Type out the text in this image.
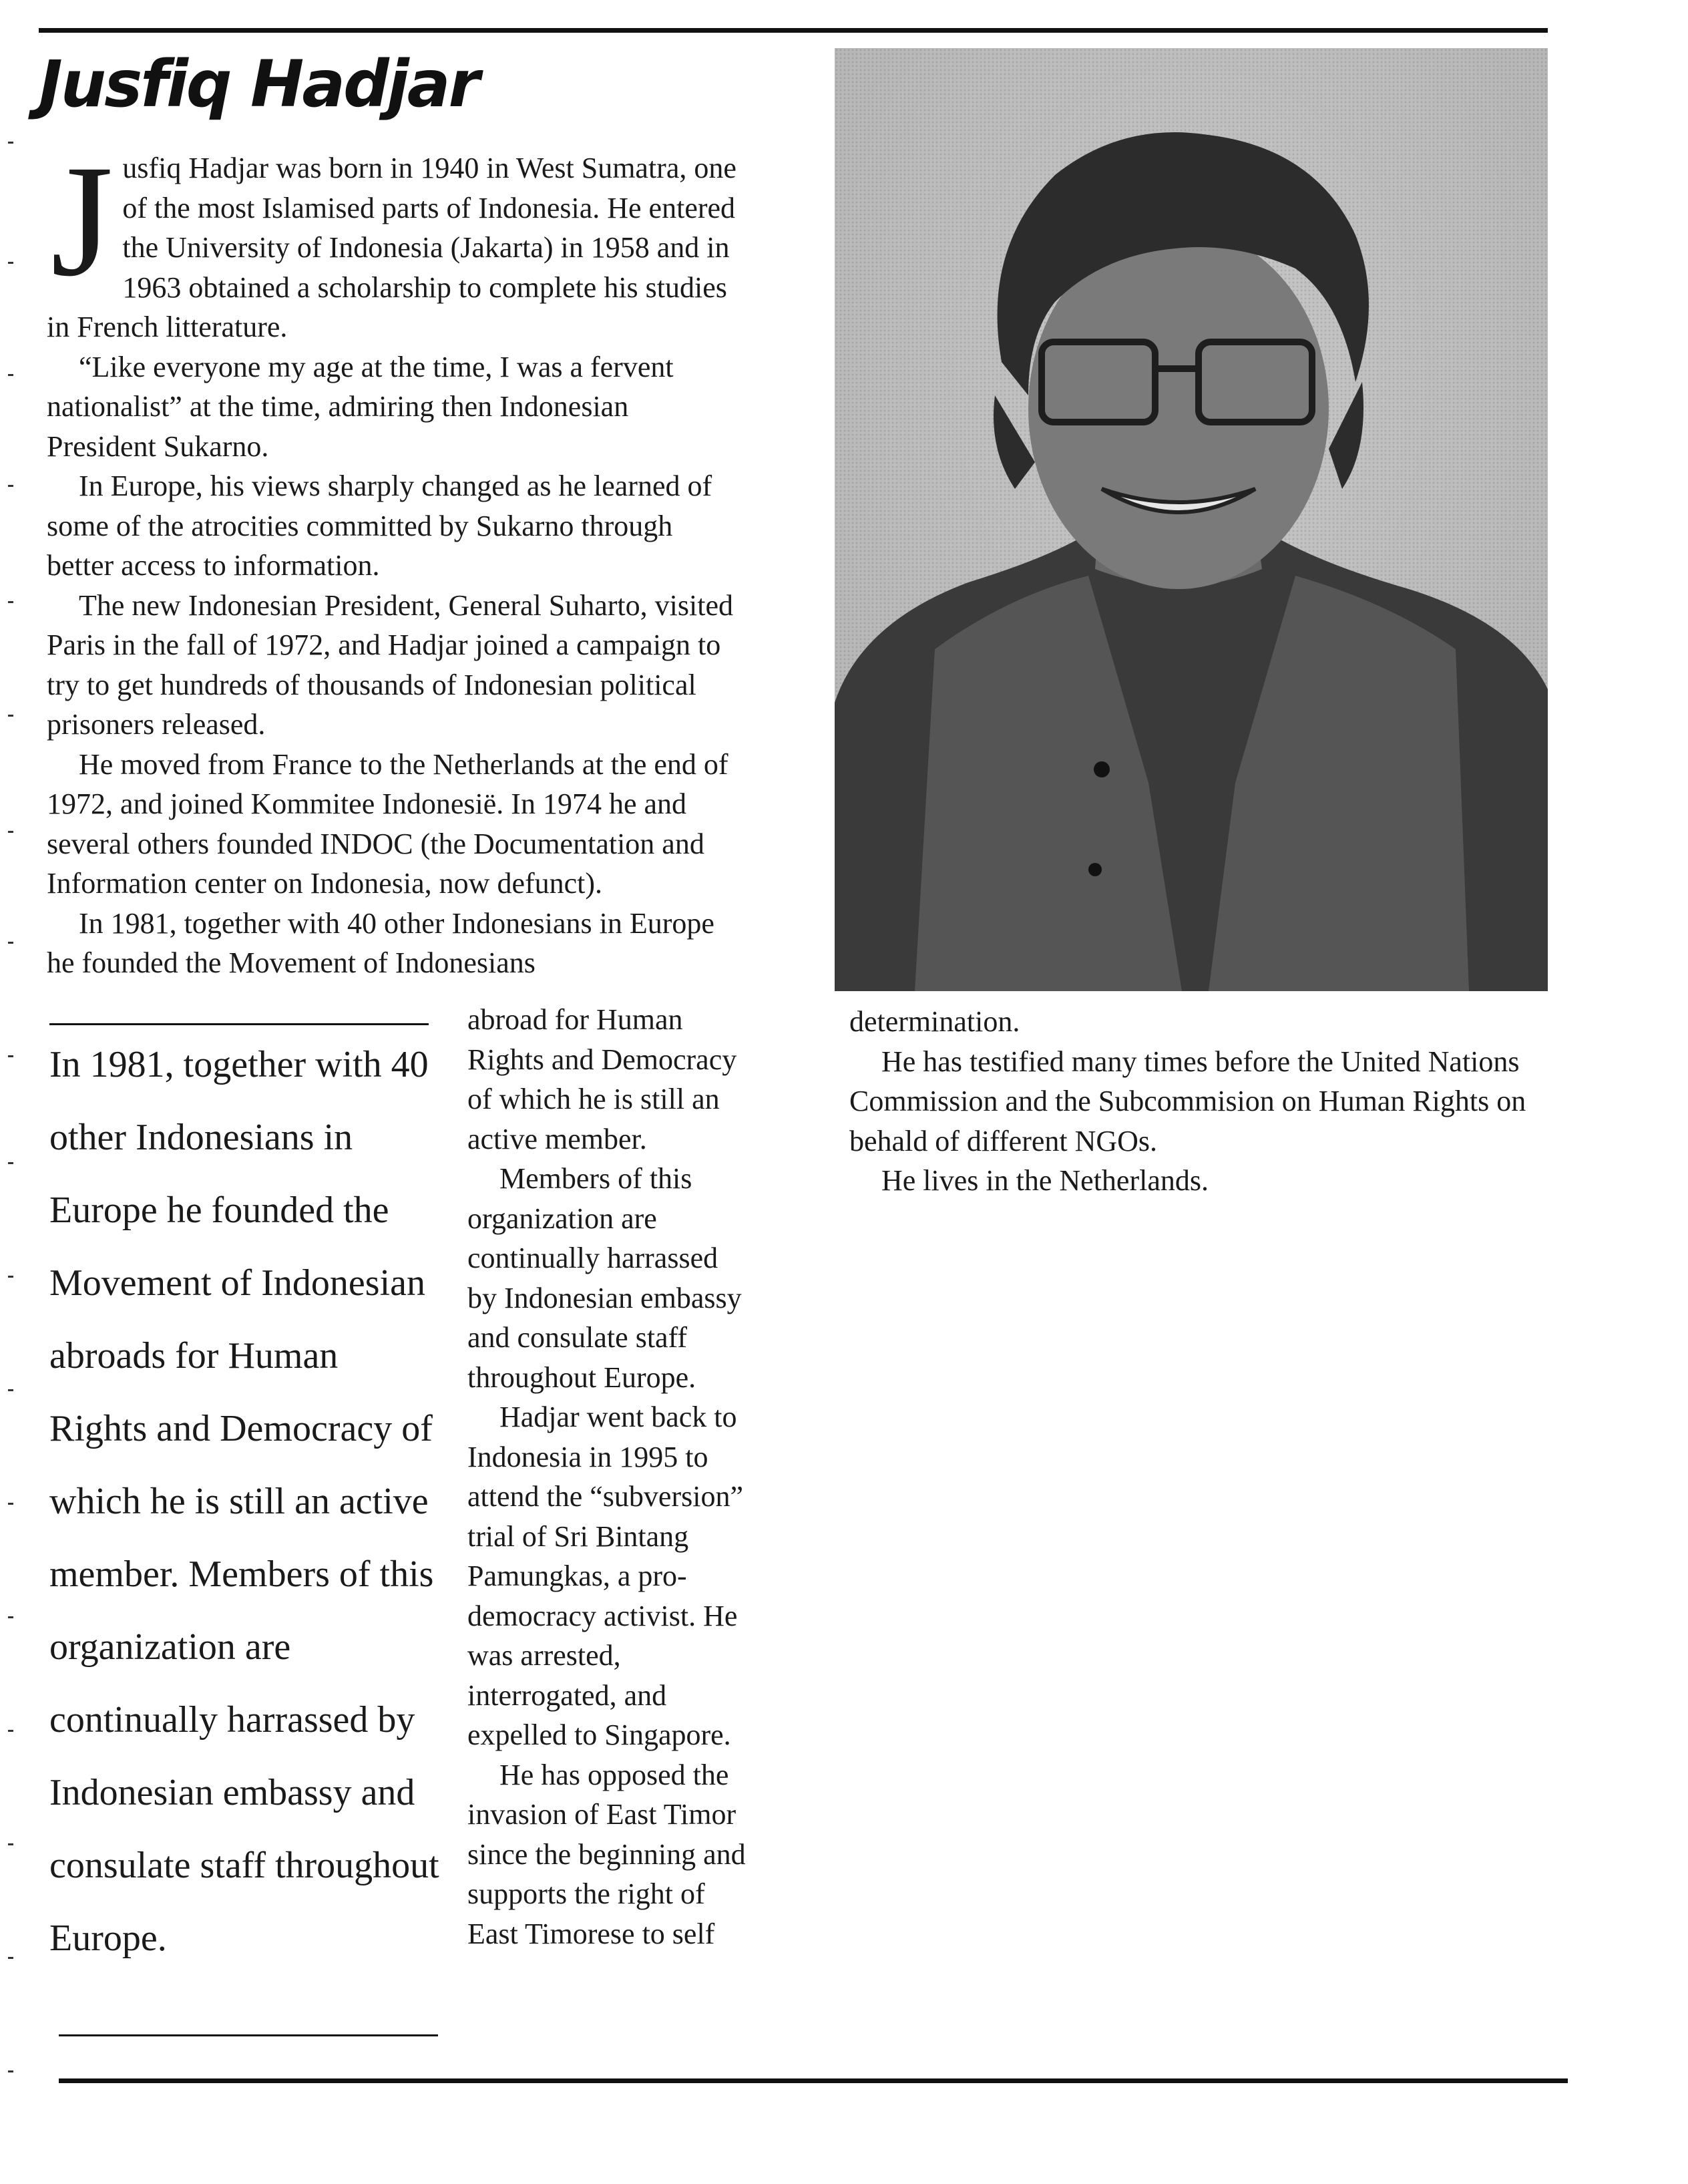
Jusfiq Hadjar

Jusfiq Hadjar was born in 1940 in West Sumatra, one of the most Islamised parts of Indonesia. He entered the University of Indonesia (Jakarta) in 1958 and in 1963 obtained a scholarship to complete his studies in French litterature.

“Like everyone my age at the time, I was a fervent nationalist” at the time, admiring then Indonesian President Sukarno.

In Europe, his views sharply changed as he learned of some of the atrocities committed by Sukarno through better access to information.

The new Indonesian President, General Suharto, visited Paris in the fall of 1972, and Hadjar joined a campaign to try to get hundreds of thousands of Indonesian political prisoners released.

He moved from France to the Netherlands at the end of 1972, and joined Kommitee Indonesië. In 1974 he and several others founded INDOC (the Documentation and Information center on Indonesia, now defunct).

In 1981, together with 40 other Indonesians in Europe he founded the Movement of Indonesians

In 1981, together with 40 other Indonesians in Europe he founded the Movement of Indonesian abroads for Human Rights and Democracy of which he is still an active member. Members of this organization are continually harrassed by Indonesian embassy and consulate staff throughout Europe.

abroad for Human Rights and Democracy of which he is still an active member.

Members of this organization are continually harrassed by Indonesian embassy and consulate staff throughout Europe.

Hadjar went back to Indonesia in 1995 to attend the “subversion” trial of Sri Bintang Pamungkas, a pro-democracy activist. He was arrested, interrogated, and expelled to Singapore.

He has opposed the invasion of East Timor since the beginning and supports the right of East Timorese to self

determination.

He has testified many times before the United Nations Commission and the Subcommision on Human Rights on behald of different NGOs.

He lives in the Netherlands.
